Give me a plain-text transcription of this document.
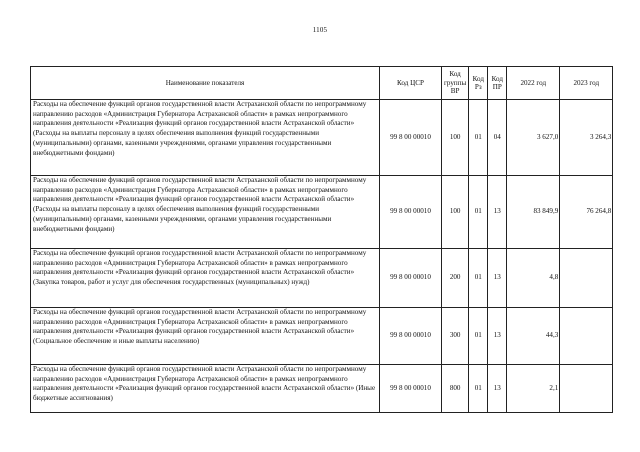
1105
Наименование показателя	Код ЦСР	Код группы ВР	Код Рз	Код ПР	2022 год	2023 год
Расходы на обеспечение функций органов государственной власти Астраханской области по непрограммному направлению расходов «Администрация Губернатора Астраханской области» в рамках непрограммного направления деятельности «Реализация функций органов государственной власти Астраханской области» (Расходы на выплаты персоналу в целях обеспечения выполнения функций государственными (муниципальными) органами, казенными учреждениями, органами управления государственными внебюджетными фондами)	99 8 00 00010	100	01	04	3 627,0	3 264,3
Расходы на обеспечение функций органов государственной власти Астраханской области по непрограммному направлению расходов «Администрация Губернатора Астраханской области» в рамках непрограммного направления деятельности «Реализация функций органов государственной власти Астраханской области» (Расходы на выплаты персоналу в целях обеспечения выполнения функций государственными (муниципальными) органами, казенными учреждениями, органами управления государственными внебюджетными фондами)	99 8 00 00010	100	01	13	83 849,9	76 264,8
Расходы на обеспечение функций органов государственной власти Астраханской области по непрограммному направлению расходов «Администрация Губернатора Астраханской области» в рамках непрограммного направления деятельности «Реализация функций органов государственной власти Астраханской области» (Закупка товаров, работ и услуг для обеспечения государственных (муниципальных) нужд)	99 8 00 00010	200	01	13	4,8	
Расходы на обеспечение функций органов государственной власти Астраханской области по непрограммному направлению расходов «Администрация Губернатора Астраханской области» в рамках непрограммного направления деятельности «Реализация функций органов государственной власти Астраханской области» (Социальное обеспечение и иные выплаты населению)	99 8 00 00010	300	01	13	44,3	
Расходы на обеспечение функций органов государственной власти Астраханской области по непрограммному направлению расходов «Администрация Губернатора Астраханской области» в рамках непрограммного направления деятельности «Реализация функций органов государственной власти Астраханской области» (Иные бюджетные ассигнования)	99 8 00 00010	800	01	13	2,1	
